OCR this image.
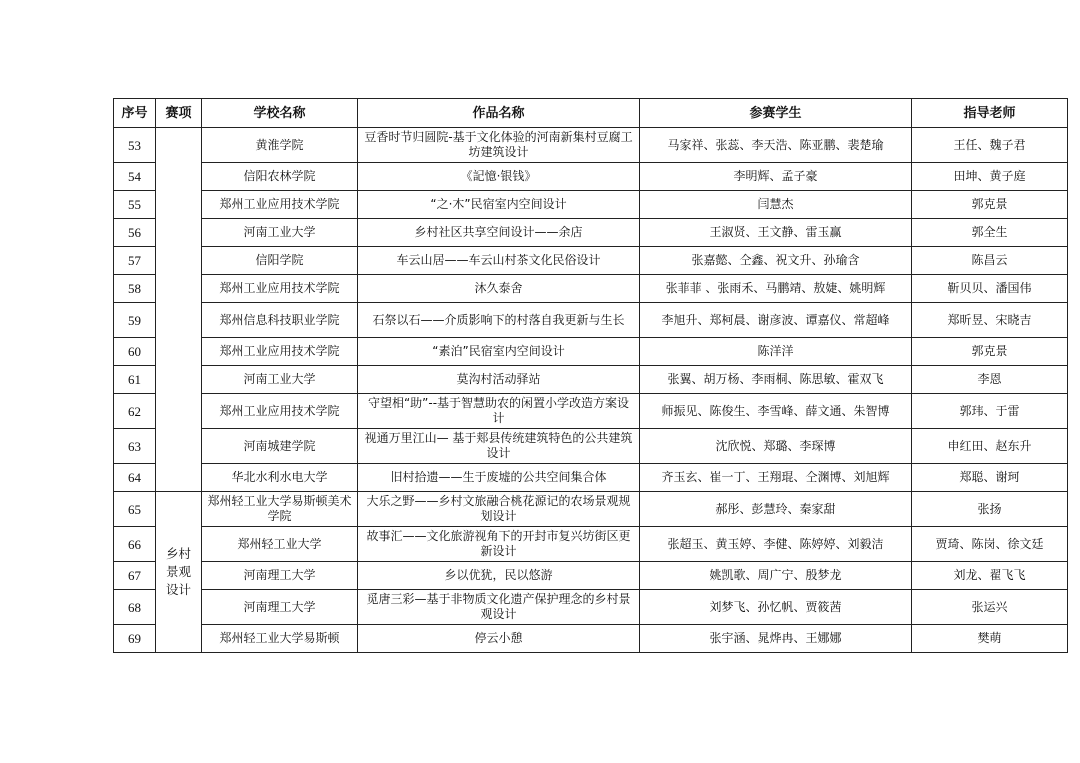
序号	赛项	学校名称	作品名称	参赛学生	指导老师
53		黄淮学院	豆香时节归圆院-基于文化体验的河南新集村豆腐工坊建筑设计	马家祥、张蕊、李天浩、陈亚鹏、裴楚瑜	王任、魏子君
54		信阳农林学院	《記憶·银钱》	李明辉、孟子豪	田坤、黄子庭
55		郑州工业应用技术学院	“之·木”民宿室内空间设计	闫慧杰	郭克景
56		河南工业大学	乡村社区共享空间设计——余店	王淑贤、王文静、雷玉赢	郭全生
57		信阳学院	车云山居——车云山村茶文化民俗设计	张嘉懿、仝鑫、祝文升、孙瑜含	陈昌云
58		郑州工业应用技术学院	沐久泰舍	张菲菲 、张雨禾、马鹏靖、敖婕、姚明辉	靳贝贝、潘国伟
59		郑州信息科技职业学院	石祭以石——介质影响下的村落自我更新与生长	李旭升、郑柯晨、谢彦波、谭嘉仪、常超峰	郑昕昱、宋晓吉
60		郑州工业应用技术学院	“素泊”民宿室内空间设计	陈洋洋	郭克景
61		河南工业大学	莫沟村活动驿站	张翼、胡万杨、李雨桐、陈思敏、霍双飞	李恩
62		郑州工业应用技术学院	守望相“助”--基于智慧助农的闲置小学改造方案设计	师振见、陈俊生、李雪峰、薛文通、朱智博	郭玮、于雷
63		河南城建学院	视通万里江山— 基于郏县传统建筑特色的公共建筑设计	沈欣悦、郑璐、李琛博	申红田、赵东升
64		华北水利水电大学	旧村拾遗——生于废墟的公共空间集合体	齐玉玄、崔一丁、王翔琨、仝渊博、刘旭辉	郑聪、谢珂
65	乡村景观设计	郑州轻工业大学易斯顿美术学院	大乐之野——乡村文旅融合桃花源记的农场景观规划设计	郝彤、彭慧玲、秦家甜	张扬
66		郑州轻工业大学	故事汇——文化旅游视角下的开封市复兴坊街区更新设计	张超玉、黄玉婷、李健、陈婷婷、刘毅洁	贾琦、陈岗、徐文廷
67		河南理工大学	乡以优犹，民以悠游	姚凯歌、周广宁、殷梦龙	刘龙、翟飞飞
68		河南理工大学	觅唐三彩—基于非物质文化遗产保护理念的乡村景观设计	刘梦飞、孙忆帆、贾筱茜	张运兴
69		郑州轻工业大学易斯顿	停云小憩	张宇涵、晁烨冉、王娜娜	樊萌
